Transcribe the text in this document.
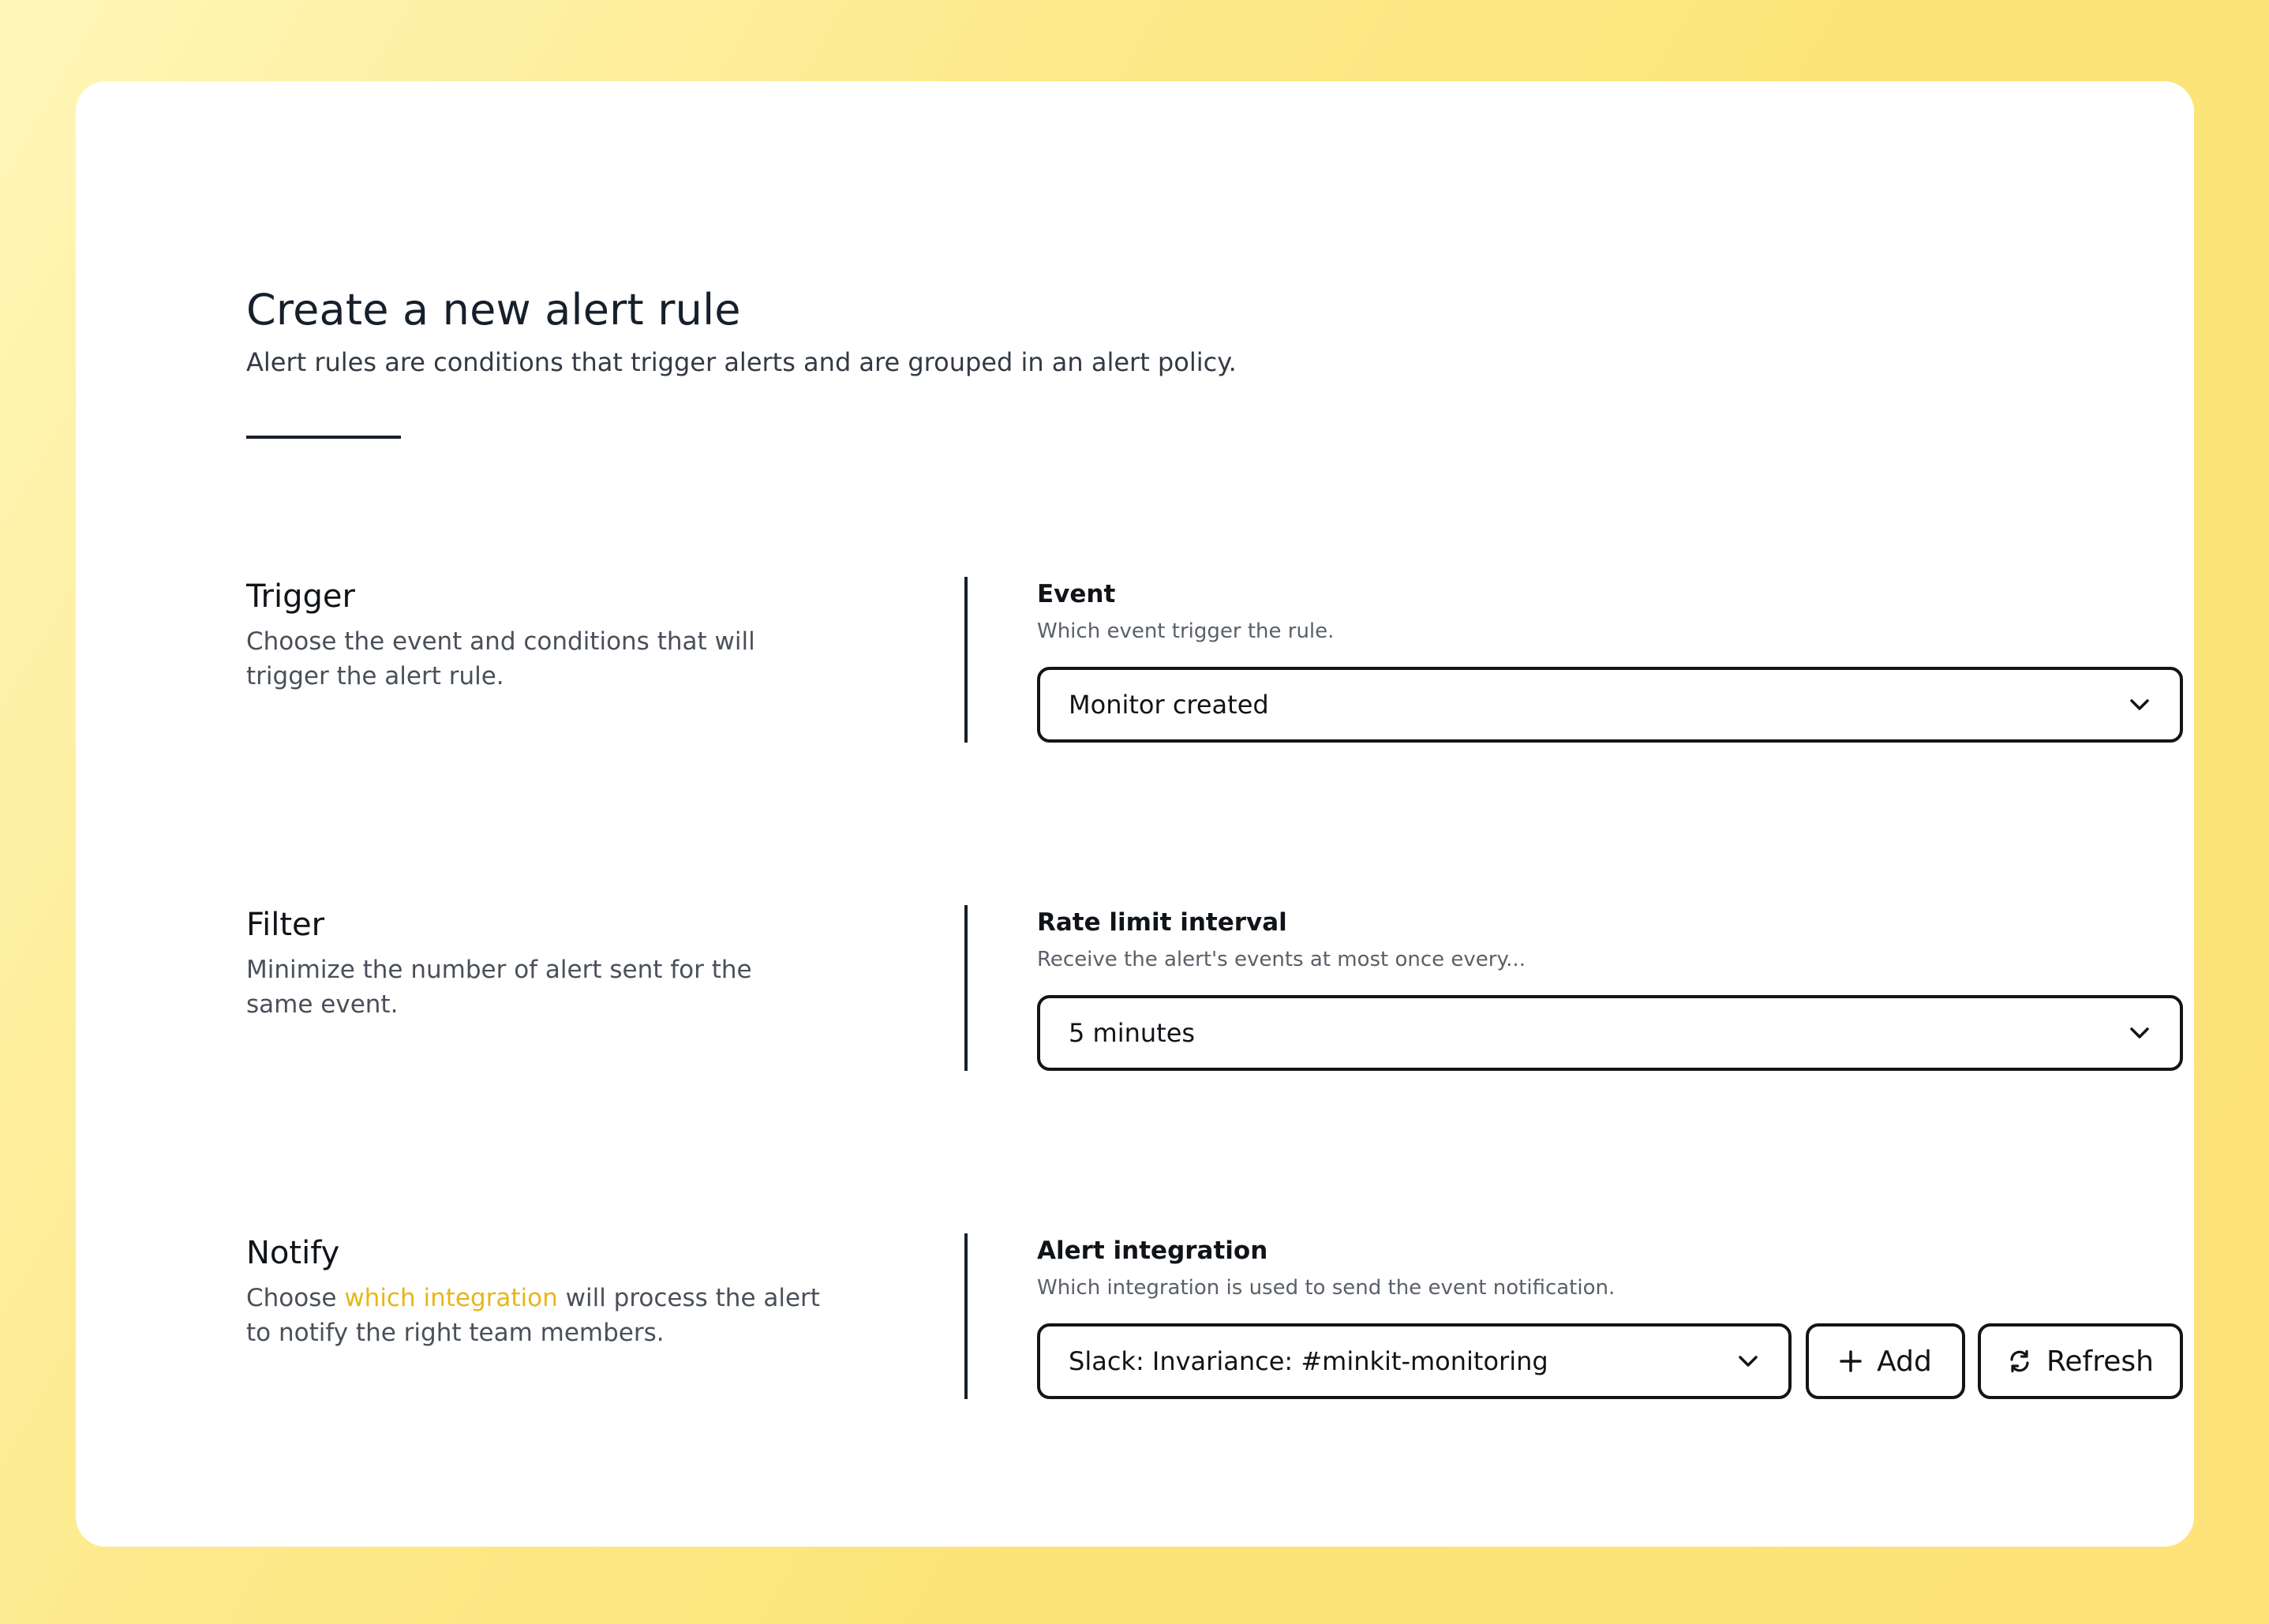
Create a new alert rule

Alert rules are conditions that trigger alerts and are grouped in an alert policy.

Trigger

Choose the event and conditions that will trigger the alert rule.

Event
Which event trigger the rule.
Monitor created
Filter

Minimize the number of alert sent for the same event.

Rate limit interval
Receive the alert's events at most once every...
5 minutes
Notify

Choose which integration will process the alert to notify the right team members.

Alert integration
Which integration is used to send the event notification.
Slack: Invariance: #minkit-monitoring	Add	Refresh
